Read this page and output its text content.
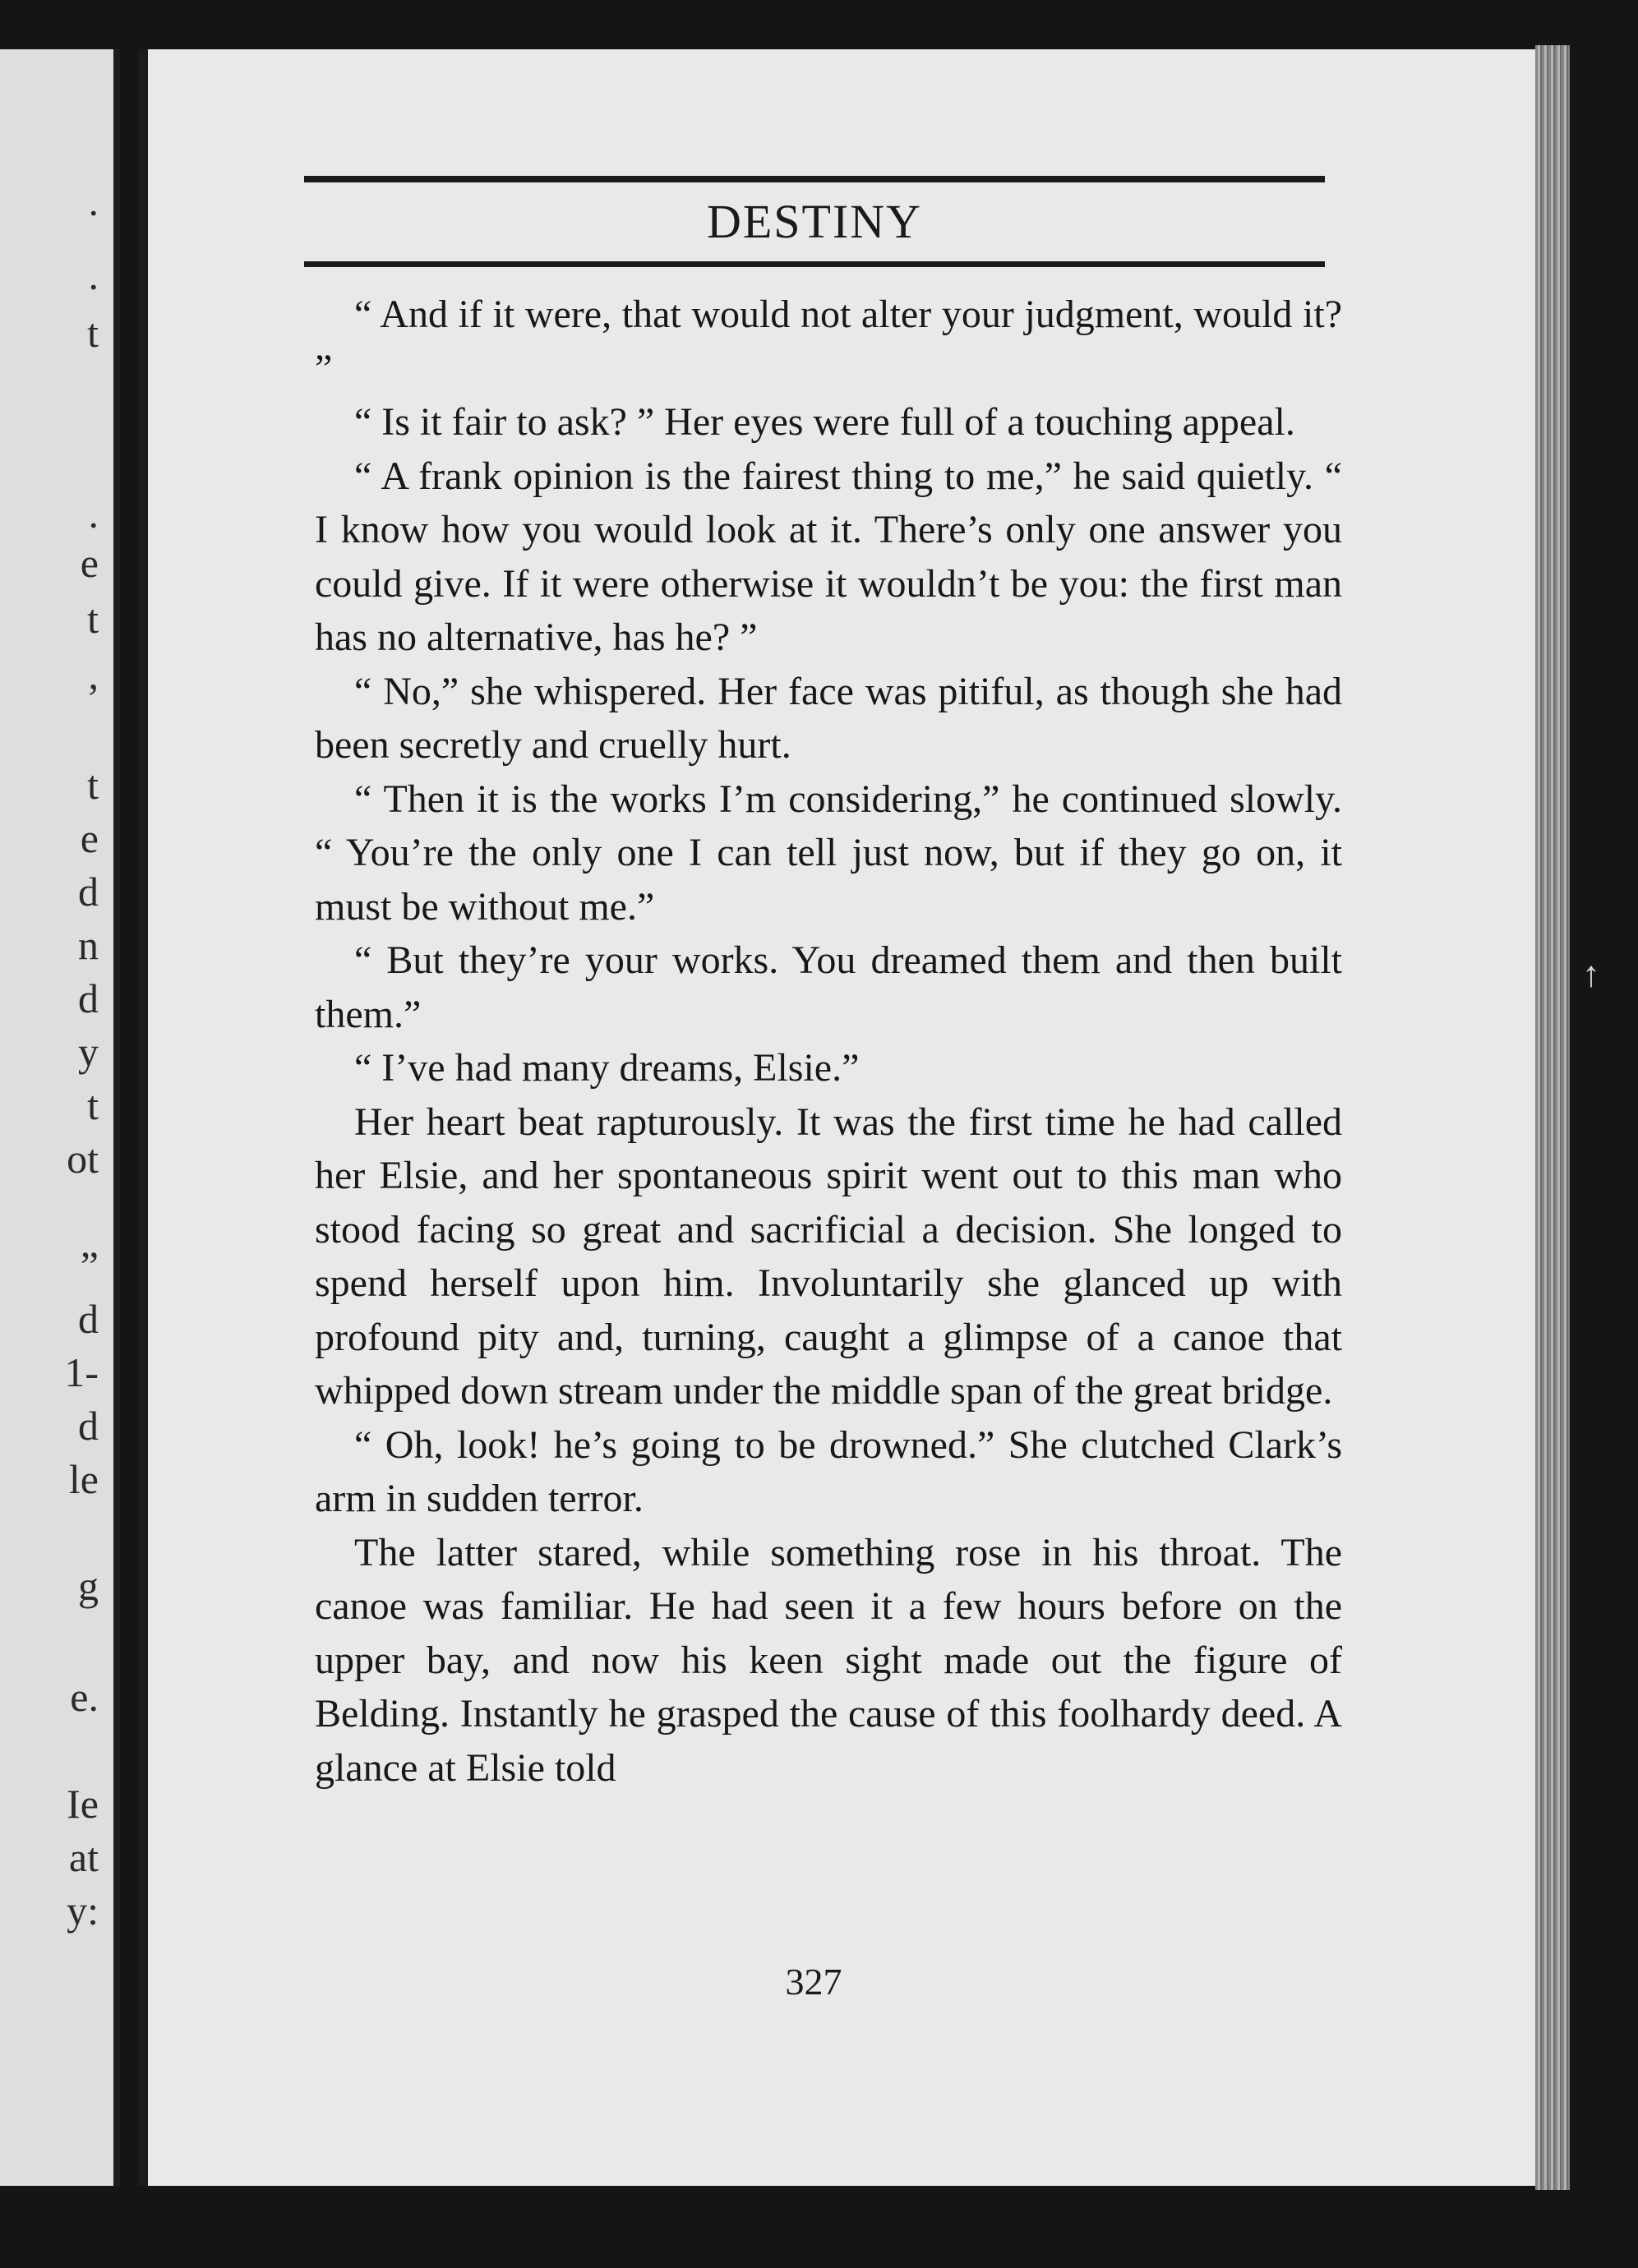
.
.
t
.
e
t
,
t
e
d
n
d
y
t
ot
”
d
1-
d
le
g
e.
Ie
at
y:
↑
DESTINY

“ And if it were, that would not alter your judgment, would it? ”

“ Is it fair to ask? ” Her eyes were full of a touching appeal.

“ A frank opinion is the fairest thing to me,” he said quietly. “ I know how you would look at it. There’s only one answer you could give. If it were otherwise it wouldn’t be you: the first man has no alternative, has he? ”

“ No,” she whispered. Her face was pitiful, as though she had been secretly and cruelly hurt.

“ Then it is the works I’m considering,” he continued slowly. “ You’re the only one I can tell just now, but if they go on, it must be without me.”

“ But they’re your works. You dreamed them and then built them.”

“ I’ve had many dreams, Elsie.”

Her heart beat rapturously. It was the first time he had called her Elsie, and her spontaneous spirit went out to this man who stood facing so great and sacrificial a decision. She longed to spend herself upon him. Involuntarily she glanced up with profound pity and, turning, caught a glimpse of a canoe that whipped down stream under the middle span of the great bridge.

“ Oh, look! he’s going to be drowned.” She clutched Clark’s arm in sudden terror.

The latter stared, while something rose in his throat. The canoe was familiar. He had seen it a few hours before on the upper bay, and now his keen sight made out the figure of Belding. Instantly he grasped the cause of this foolhardy deed. A glance at Elsie told

327
